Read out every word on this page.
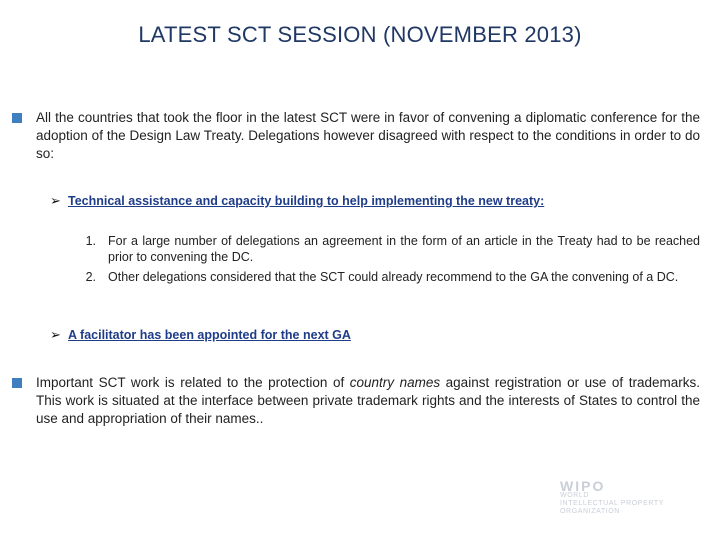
LATEST SCT SESSION (NOVEMBER 2013)
All the countries that took the floor in the latest SCT were in favor of convening a diplomatic conference for the adoption of the Design Law Treaty. Delegations however disagreed with respect to the conditions in order to do so:
➢ Technical assistance and capacity building to help implementing the new treaty:
1. For a large number of delegations an agreement in the form of an article in the Treaty had to be reached prior to convening the DC.
2. Other delegations considered that the SCT could already recommend to the GA the convening of a DC.
➢ A facilitator has been appointed for the next GA
Important SCT work is related to the protection of country names against registration or use of trademarks. This work is situated at the interface between private trademark rights and the interests of States to control the use and appropriation of their names..
WIPO
WORLD
INTELLECTUAL PROPERTY
ORGANIZATION
